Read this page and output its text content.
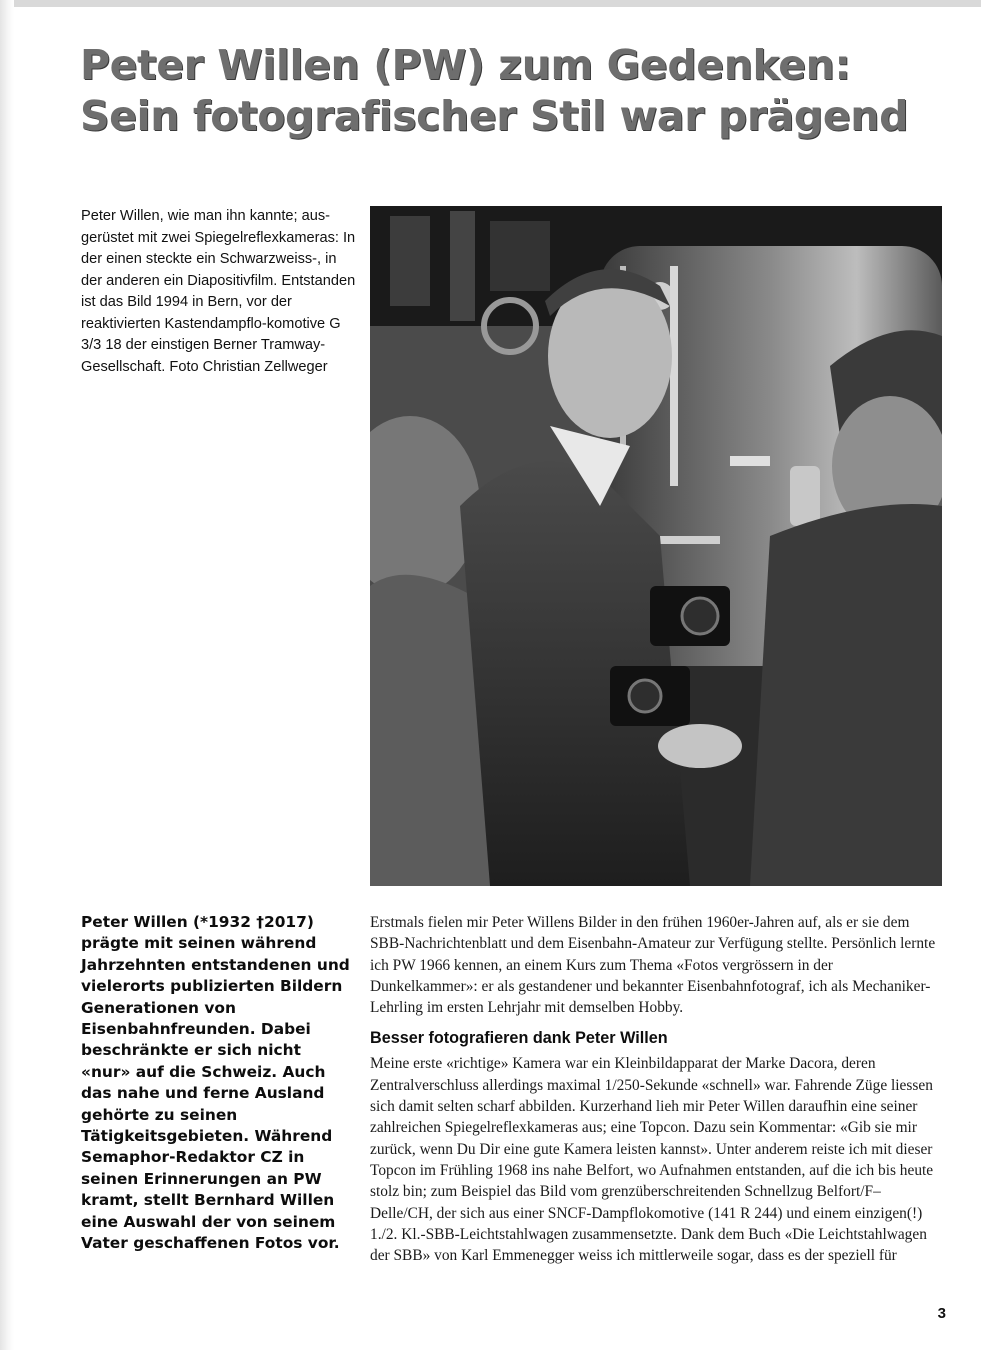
Peter Willen (PW) zum Gedenken:
Sein fotografischer Stil war prägend

Peter Willen, wie man ihn kannte; aus-gerüstet mit zwei Spiegelreflexkameras: In der einen steckte ein Schwarzweiss-, in der anderen ein Diapositivfilm. Entstanden ist das Bild 1994 in Bern, vor der reaktivierten Kastendampflo-komotive G 3/3 18 der einstigen Berner Tramway-Gesellschaft. Foto Christian Zellweger

Peter Willen (*1932 †2017) prägte mit seinen während Jahrzehnten entstandenen und vielerorts publizierten Bildern Generationen von Eisenbahnfreunden. Dabei beschränkte er sich nicht «nur» auf die Schweiz. Auch das nahe und ferne Ausland gehörte zu seinen Tätigkeitsgebieten. Während Semaphor-Redaktor CZ in seinen Erinnerungen an PW kramt, stellt Bernhard Willen eine Auswahl der von seinem Vater geschaffenen Fotos vor.

Erstmals fielen mir Peter Willens Bilder in den frühen 1960er-Jahren auf, als er sie dem SBB-Nachrichtenblatt und dem Eisenbahn-Amateur zur Verfügung stellte. Persönlich lernte ich PW 1966 kennen, an einem Kurs zum Thema «Fotos vergrössern in der Dunkelkammer»: er als gestandener und bekannter Eisenbahnfotograf, ich als Mechaniker-Lehrling im ersten Lehrjahr mit demselben Hobby.

Besser fotografieren dank Peter Willen

Meine erste «richtige» Kamera war ein Kleinbildapparat der Marke Dacora, deren Zentralverschluss allerdings maximal 1/250-Sekunde «schnell» war. Fahrende Züge liessen sich damit selten scharf abbilden. Kurzerhand lieh mir Peter Willen daraufhin eine seiner zahlreichen Spiegelreflexkameras aus; eine Topcon. Dazu sein Kommentar: «Gib sie mir zurück, wenn Du Dir eine gute Kamera leisten kannst». Unter anderem reiste ich mit dieser Topcon im Frühling 1968 ins nahe Belfort, wo Aufnahmen entstanden, auf die ich bis heute stolz bin; zum Beispiel das Bild vom grenzüberschreitenden Schnellzug Belfort/F–Delle/CH, der sich aus einer SNCF-Dampflokomotive (141 R 244) und einem einzigen(!) 1./2. Kl.-SBB-Leichtstahlwagen zusammensetzte. Dank dem Buch «Die Leichtstahlwagen der SBB» von Karl Emmenegger weiss ich mittlerweile sogar, dass es der speziell für

3
